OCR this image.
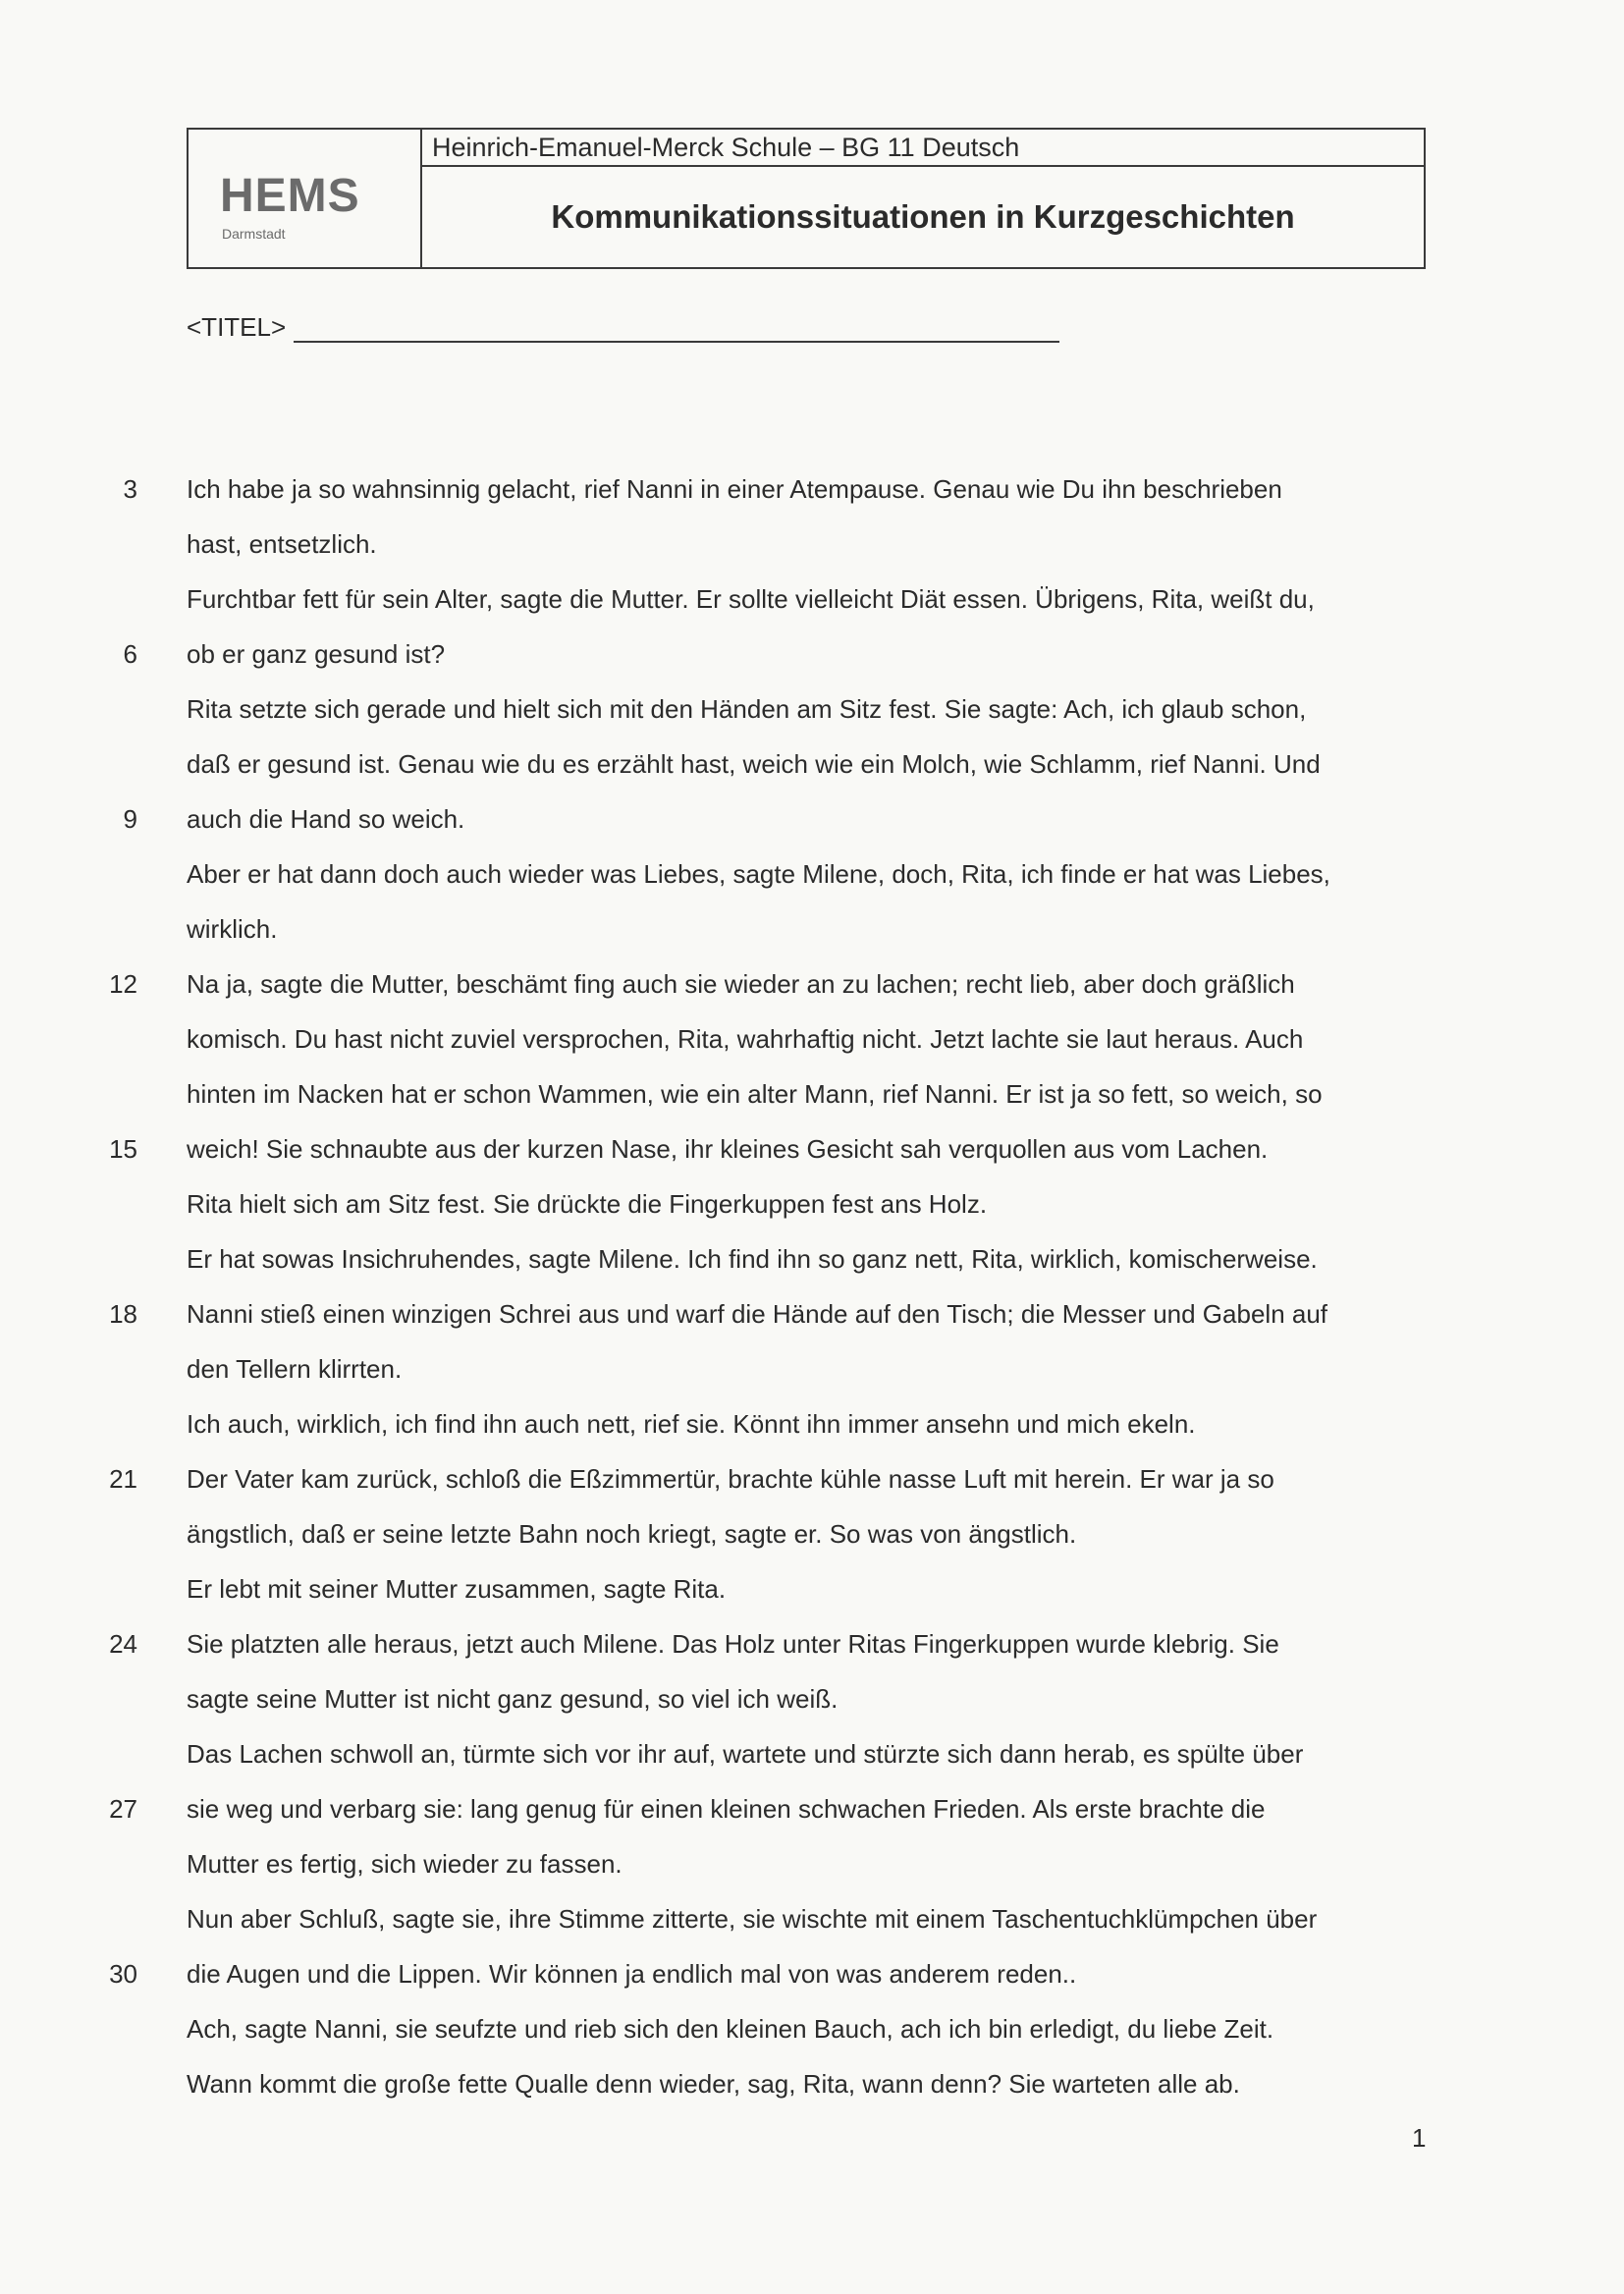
HEMS
Darmstadt
Heinrich-Emanuel-Merck Schule – BG 11 Deutsch
Kommunikationssituationen in Kurzgeschichten
<TITEL>
3 Ich habe ja so wahnsinnig gelacht, rief Nanni in einer Atempause. Genau wie Du ihn beschrieben
hast, entsetzlich.
Furchtbar fett für sein Alter, sagte die Mutter. Er sollte vielleicht Diät essen. Übrigens, Rita, weißt du,
6 ob er ganz gesund ist?
Rita setzte sich gerade und hielt sich mit den Händen am Sitz fest. Sie sagte: Ach, ich glaub schon,
daß er gesund ist. Genau wie du es erzählt hast, weich wie ein Molch, wie Schlamm, rief Nanni. Und
9 auch die Hand so weich.
Aber er hat dann doch auch wieder was Liebes, sagte Milene, doch, Rita, ich finde er hat was Liebes,
wirklich.
12 Na ja, sagte die Mutter, beschämt fing auch sie wieder an zu lachen; recht lieb, aber doch gräßlich
komisch. Du hast nicht zuviel versprochen, Rita, wahrhaftig nicht. Jetzt lachte sie laut heraus. Auch
hinten im Nacken hat er schon Wammen, wie ein alter Mann, rief Nanni. Er ist ja so fett, so weich, so
15 weich! Sie schnaubte aus der kurzen Nase, ihr kleines Gesicht sah verquollen aus vom Lachen.
Rita hielt sich am Sitz fest. Sie drückte die Fingerkuppen fest ans Holz.
Er hat sowas Insichruhendes, sagte Milene. Ich find ihn so ganz nett, Rita, wirklich, komischerweise.
18 Nanni stieß einen winzigen Schrei aus und warf die Hände auf den Tisch; die Messer und Gabeln auf
den Tellern klirrten.
Ich auch, wirklich, ich find ihn auch nett, rief sie. Könnt ihn immer ansehn und mich ekeln.
21 Der Vater kam zurück, schloß die Eßzimmertür, brachte kühle nasse Luft mit herein. Er war ja so
ängstlich, daß er seine letzte Bahn noch kriegt, sagte er. So was von ängstlich.
Er lebt mit seiner Mutter zusammen, sagte Rita.
24 Sie platzten alle heraus, jetzt auch Milene. Das Holz unter Ritas Fingerkuppen wurde klebrig. Sie
sagte seine Mutter ist nicht ganz gesund, so viel ich weiß.
Das Lachen schwoll an, türmte sich vor ihr auf, wartete und stürzte sich dann herab, es spülte über
27 sie weg und verbarg sie: lang genug für einen kleinen schwachen Frieden. Als erste brachte die
Mutter es fertig, sich wieder zu fassen.
Nun aber Schluß, sagte sie, ihre Stimme zitterte, sie wischte mit einem Taschentuchklümpchen über
30 die Augen und die Lippen. Wir können ja endlich mal von was anderem reden..
Ach, sagte Nanni, sie seufzte und rieb sich den kleinen Bauch, ach ich bin erledigt, du liebe Zeit.
Wann kommt die große fette Qualle denn wieder, sag, Rita, wann denn? Sie warteten alle ab.
1
